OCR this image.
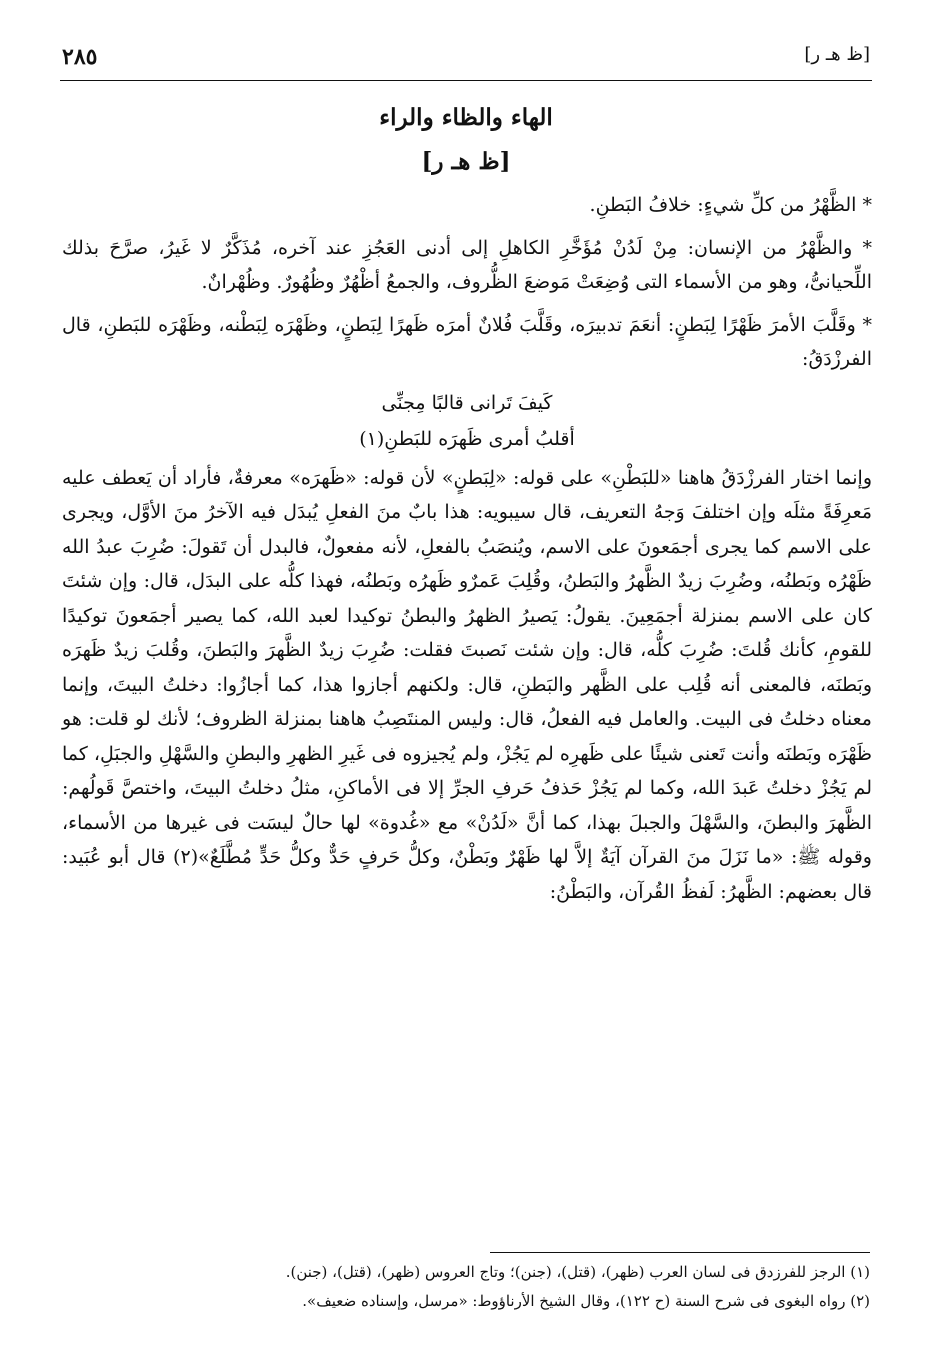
[ظ هـ ر]
٢٨٥
الهاء والظاء والراء
[ظ هـ ر]

* الظَّهْرُ من كلِّ شيءٍ: خلافُ البَطنِ.

* والظَّهْرُ من الإنسان: مِنْ لَدُنْ مُؤَخَّرِ الكاهلِ إلى أدنى العَجُزِ عند آخره، مُذَكَّرٌ لا غَيرُ، صرَّحَ بذلك اللِّحيانىُّ، وهو من الأسماء التى وُضِعَتْ مَوضعَ الظُّروف، والجمعُ أظْهُرٌ وظُهُورٌ. وظُهْرانٌ.

* وقَلَّبَ الأمرَ ظَهْرًا لِبَطنٍ: أنعَمَ تدبيرَه، وقَلَّبَ فُلانٌ أمرَه ظَهرًا لِبَطنٍ، وظَهْرَه لِبَطْنه، وظَهْرَه للبَطنِ، قال الفرزْدَقُ:

كَيفَ تَرانى قالبًا مِجنِّى
أقلبُ أمرى ظَهرَه للبَطنِ(١)

وإنما اختار الفرزْدَقُ هاهنا «للبَطْنِ» على قوله: «لِبَطنٍ» لأن قوله: «ظَهرَه» معرفةٌ، فأراد أن يَعطف عليه مَعرِفَةً مثلَه وإن اختلفَ وَجهُ التعريف، قال سيبويه: هذا بابٌ منَ الفعلِ يُبدَل فيه الآخرُ منَ الأوَّل، ويجرى على الاسم كما يجرى أجمَعونَ على الاسم، ويُنصَبُ بالفعلِ، لأنه مفعولٌ، فالبدل أن تَقولَ: ضُرِبَ عبدُ الله ظَهْرُه وبَطنُه، وضُرِبَ زيدٌ الظَّهرُ والبَطنُ، وقُلِبَ عَمرٌو ظَهرُه وبَطنُه، فهذا كلُّه على البدَل، قال: وإن شئتَ كان على الاسم بمنزلة أجمَعِينَ. يقولُ: يَصيرُ الظهرُ والبطنُ توكيدا لعبد الله، كما يصير أجمَعونَ توكيدًا للقومِ، كأنك قُلتَ: ضُرِبَ كلُّه، قال: وإن شئت نَصبتَ فقلت: ضُرِبَ زيدٌ الظَّهرَ والبَطنَ، وقُلبَ زيدٌ ظَهرَه وبَطنَه، فالمعنى أنه قُلِب على الظَّهر والبَطنِ، قال: ولكنهم أجازوا هذا، كما أجازُوا: دخلتُ البيتَ، وإنما معناه دخلتُ فى البيت. والعامل فيه الفعلُ، قال: وليس المنتَصِبُ هاهنا بمنزلة الظروف؛ لأنك لو قلت: هو ظَهْرَه وبَطنَه وأنت تَعنى شيئًا على ظَهرِه لم يَجُزْ، ولم يُجيزوه فى غَيرِ الظهرِ والبطنِ والسَّهْلِ والجبَلِ، كما لم يَجُزْ دخلتُ عَبدَ الله، وكما لم يَجُزْ حَذفُ حَرفِ الجرِّ إلا فى الأماكنِ، مثلُ دخلتُ البيتَ، واختصَّ قَولُهم: الظَّهرَ والبطنَ، والسَّهْلَ والجبلَ بهذا، كما أنَّ «لَدُنْ» مع «غُدوة» لها حالٌ ليسَت فى غيرها من الأسماء، وقوله ﷺ: «ما نَزَلَ منَ القرآن آيَةٌ إلاَّ لها ظَهْرٌ وبَطْنٌ، وكلُّ حَرفٍ حَدٌّ وكلُّ حَدٍّ مُطَّلَعٌ»(٢) قال أبو عُبَيد: قال بعضهم: الظَّهرُ: لَفظُ القُرآن، والبَطْنُ:

(١) الرجز للفرزدق فى لسان العرب (ظهر)، (قتل)، (جنن)؛ وتاج العروس (ظهر)، (قتل)، (جنن).
(٢) رواه البغوى فى شرح السنة (ح ١٢٢)، وقال الشيخ الأرناؤوط: «مرسل، وإسناده ضعيف».
